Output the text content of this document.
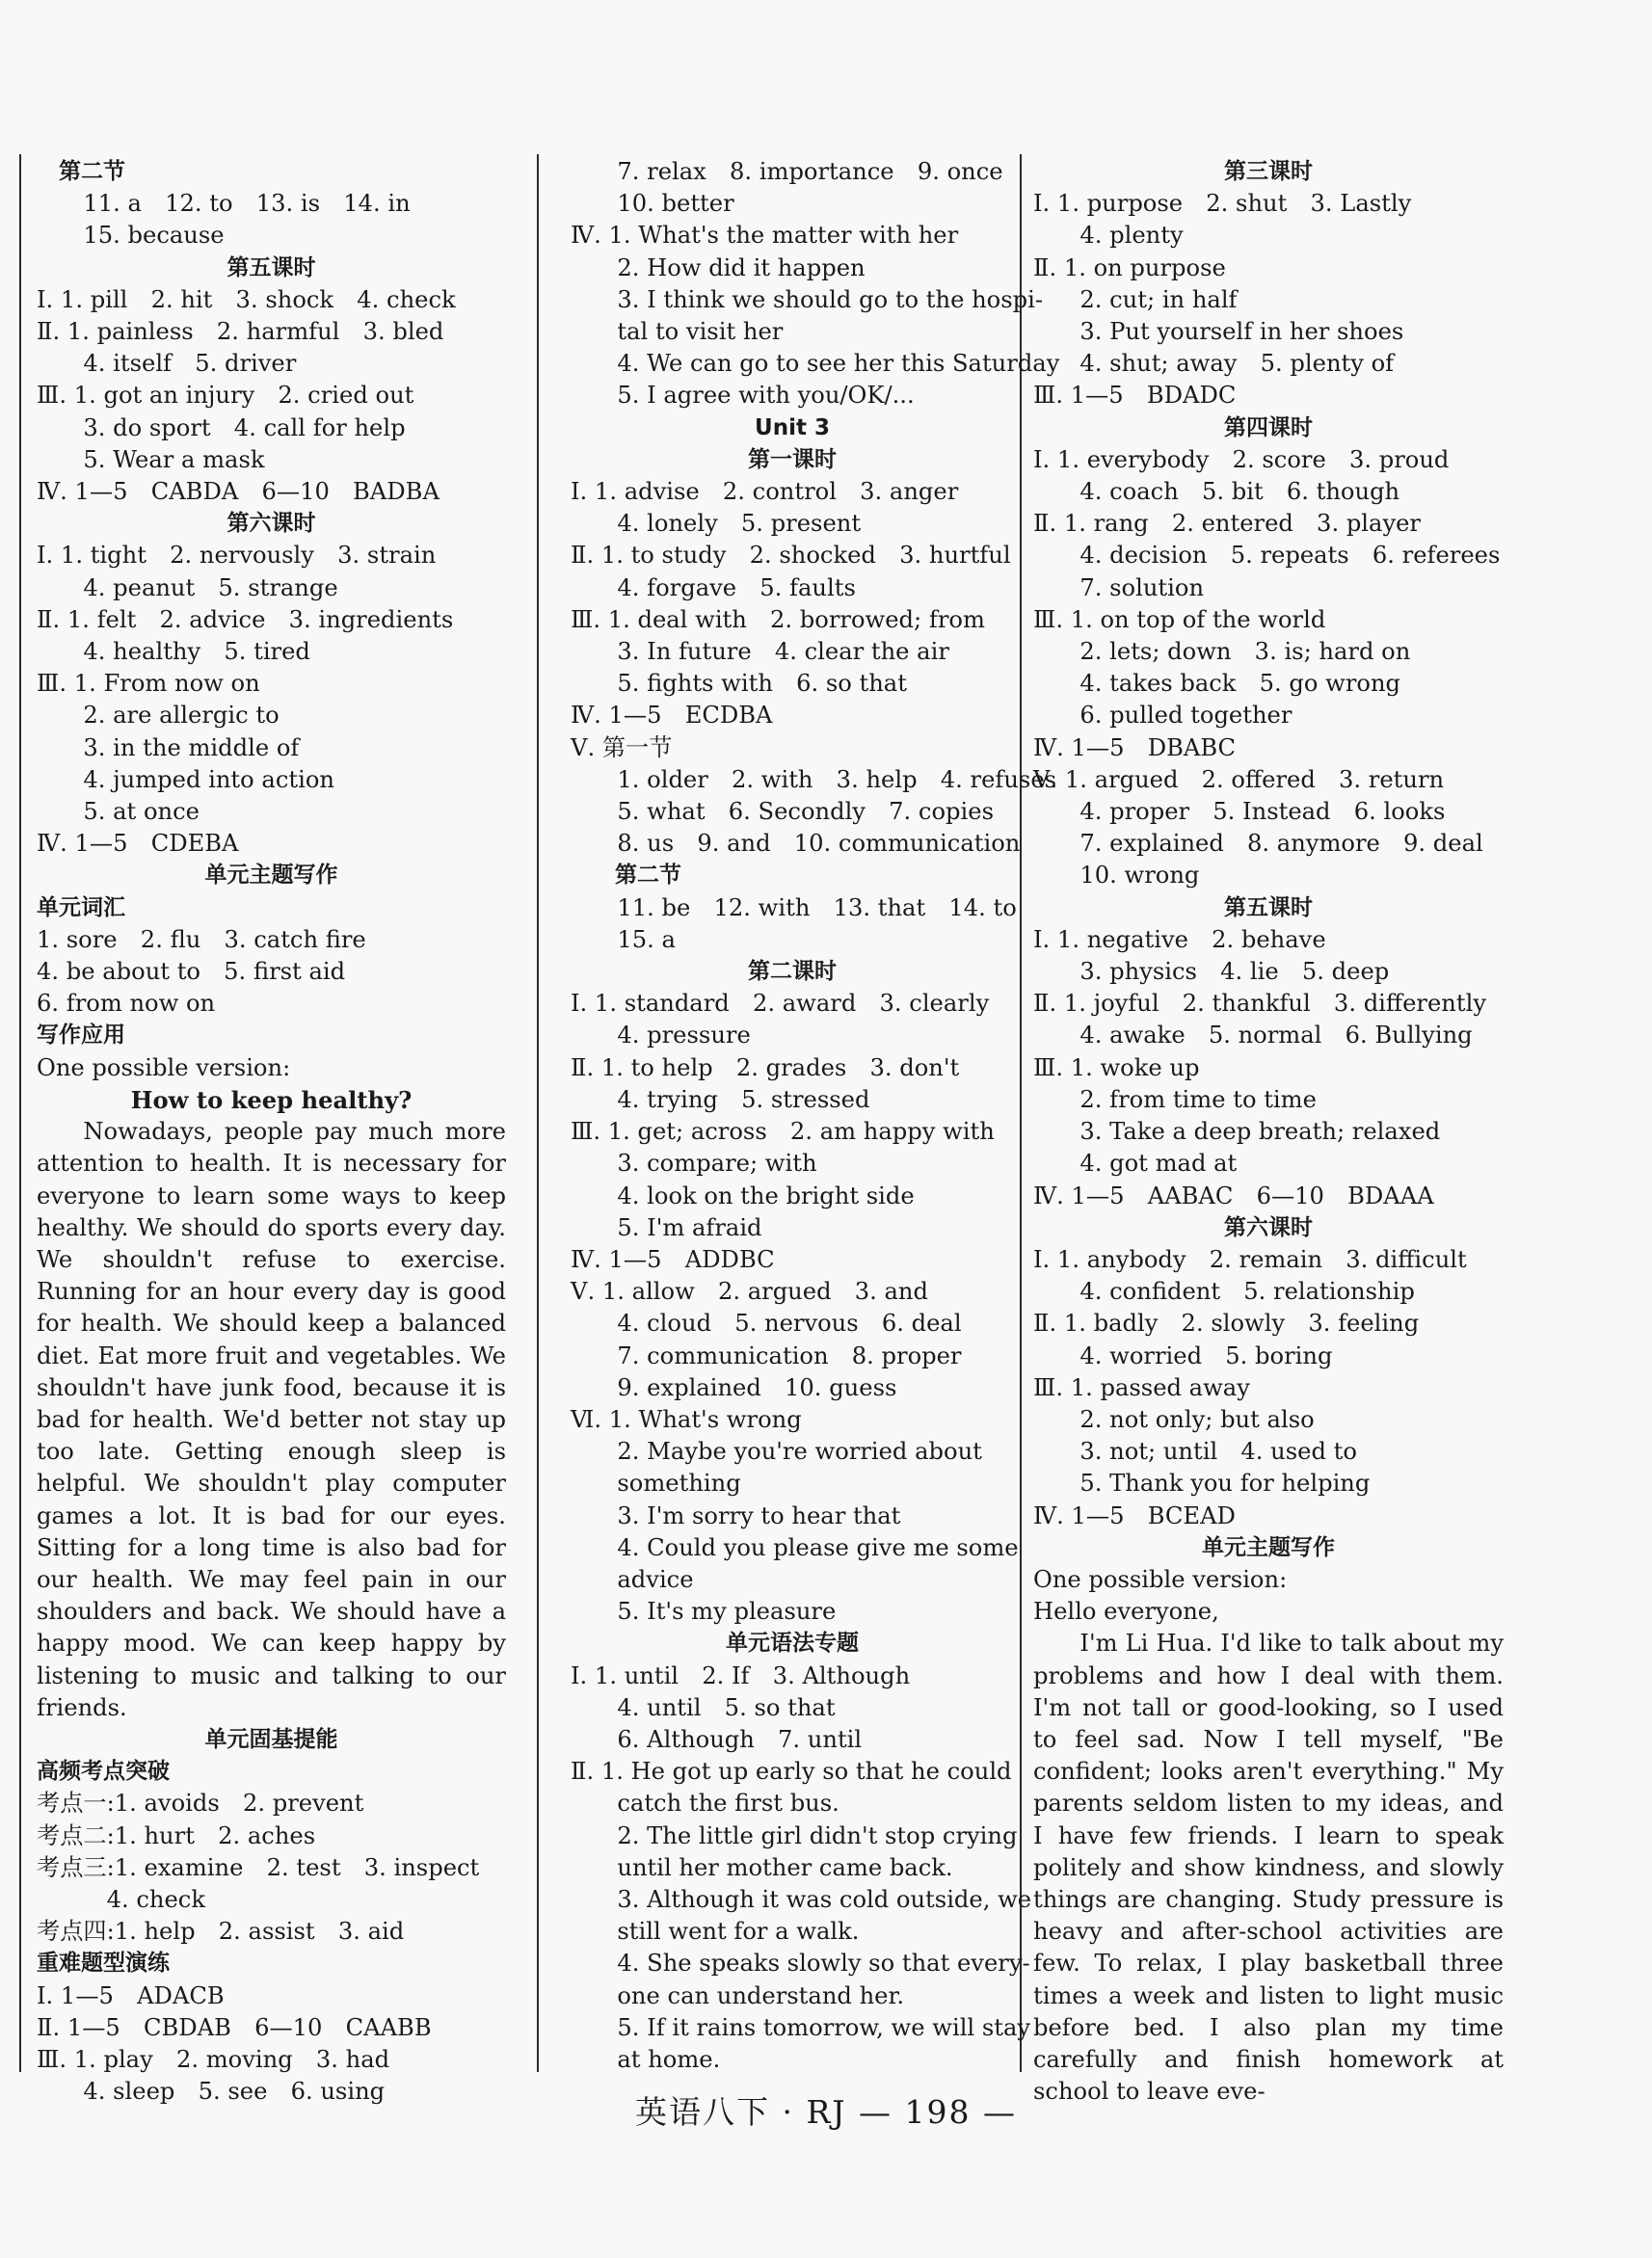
　第二节
　　11. a　12. to　13. is　14. in
　　15. because
第五课时
Ⅰ. 1. pill　2. hit　3. shock　4. check
Ⅱ. 1. painless　2. harmful　3. bled
　　4. itself　5. driver
Ⅲ. 1. got an injury　2. cried out
　　3. do sport　4. call for help
　　5. Wear a mask
Ⅳ. 1—5　CABDA　6—10　BADBA
第六课时
Ⅰ. 1. tight　2. nervously　3. strain
　　4. peanut　5. strange
Ⅱ. 1. felt　2. advice　3. ingredients
　　4. healthy　5. tired
Ⅲ. 1. From now on
　　2. are allergic to
　　3. in the middle of
　　4. jumped into action
　　5. at once
Ⅳ. 1—5　CDEBA
单元主题写作
单元词汇
1. sore　2. flu　3. catch fire
4. be about to　5. first aid
6. from now on
写作应用
One possible version:
How to keep healthy?
Nowadays, people pay much more attention to health. It is necessary for everyone to learn some ways to keep healthy. We should do sports every day. We shouldn't refuse to exercise. Running for an hour every day is good for health. We should keep a balanced diet. Eat more fruit and vegetables. We shouldn't have junk food, because it is bad for health. We'd better not stay up too late. Getting enough sleep is helpful. We shouldn't play computer games a lot. It is bad for our eyes. Sitting for a long time is also bad for our health. We may feel pain in our shoulders and back. We should have a happy mood. We can keep happy by listening to music and talking to our friends.
单元固基提能
高频考点突破
考点一:1. avoids　2. prevent
考点二:1. hurt　2. aches
考点三:1. examine　2. test　3. inspect
　　　4. check
考点四:1. help　2. assist　3. aid
重难题型演练
Ⅰ. 1—5　ADACB
Ⅱ. 1—5　CBDAB　6—10　CAABB
Ⅲ. 1. play　2. moving　3. had
　　4. sleep　5. see　6. using
　　7. relax　8. importance　9. once
　　10. better
Ⅳ. 1. What's the matter with her
　　2. How did it happen
　　3. I think we should go to the hospi-
　　tal to visit her
　　4. We can go to see her this Saturday
　　5. I agree with you/OK/...
Unit 3
第一课时
Ⅰ. 1. advise　2. control　3. anger
　　4. lonely　5. present
Ⅱ. 1. to study　2. shocked　3. hurtful
　　4. forgave　5. faults
Ⅲ. 1. deal with　2. borrowed; from
　　3. In future　4. clear the air
　　5. fights with　6. so that
Ⅳ. 1—5　ECDBA
Ⅴ. 第一节
　　1. older　2. with　3. help　4. refuses
　　5. what　6. Secondly　7. copies
　　8. us　9. and　10. communication
　　第二节
　　11. be　12. with　13. that　14. to
　　15. a
第二课时
Ⅰ. 1. standard　2. award　3. clearly
　　4. pressure
Ⅱ. 1. to help　2. grades　3. don't
　　4. trying　5. stressed
Ⅲ. 1. get; across　2. am happy with
　　3. compare; with
　　4. look on the bright side
　　5. I'm afraid
Ⅳ. 1—5　ADDBC
Ⅴ. 1. allow　2. argued　3. and
　　4. cloud　5. nervous　6. deal
　　7. communication　8. proper
　　9. explained　10. guess
Ⅵ. 1. What's wrong
　　2. Maybe you're worried about
　　something
　　3. I'm sorry to hear that
　　4. Could you please give me some
　　advice
　　5. It's my pleasure
单元语法专题
Ⅰ. 1. until　2. If　3. Although
　　4. until　5. so that
　　6. Although　7. until
Ⅱ. 1. He got up early so that he could
　　catch the first bus.
　　2. The little girl didn't stop crying
　　until her mother came back.
　　3. Although it was cold outside, we
　　still went for a walk.
　　4. She speaks slowly so that every-
　　one can understand her.
　　5. If it rains tomorrow, we will stay
　　at home.
第三课时
Ⅰ. 1. purpose　2. shut　3. Lastly
　　4. plenty
Ⅱ. 1. on purpose
　　2. cut; in half
　　3. Put yourself in her shoes
　　4. shut; away　5. plenty of
Ⅲ. 1—5　BDADC
第四课时
Ⅰ. 1. everybody　2. score　3. proud
　　4. coach　5. bit　6. though
Ⅱ. 1. rang　2. entered　3. player
　　4. decision　5. repeats　6. referees
　　7. solution
Ⅲ. 1. on top of the world
　　2. lets; down　3. is; hard on
　　4. takes back　5. go wrong
　　6. pulled together
Ⅳ. 1—5　DBABC
Ⅴ. 1. argued　2. offered　3. return
　　4. proper　5. Instead　6. looks
　　7. explained　8. anymore　9. deal
　　10. wrong
第五课时
Ⅰ. 1. negative　2. behave
　　3. physics　4. lie　5. deep
Ⅱ. 1. joyful　2. thankful　3. differently
　　4. awake　5. normal　6. Bullying
Ⅲ. 1. woke up
　　2. from time to time
　　3. Take a deep breath; relaxed
　　4. got mad at
Ⅳ. 1—5　AABAC　6—10　BDAAA
第六课时
Ⅰ. 1. anybody　2. remain　3. difficult
　　4. confident　5. relationship
Ⅱ. 1. badly　2. slowly　3. feeling
　　4. worried　5. boring
Ⅲ. 1. passed away
　　2. not only; but also
　　3. not; until　4. used to
　　5. Thank you for helping
Ⅳ. 1—5　BCEAD
单元主题写作
One possible version:
Hello everyone,
I'm Li Hua. I'd like to talk about my problems and how I deal with them. I'm not tall or good-looking, so I used to feel sad. Now I tell myself, "Be confident; looks aren't everything." My parents seldom listen to my ideas, and I have few friends. I learn to speak politely and show kindness, and slowly things are changing. Study pressure is heavy and after-school activities are few. To relax, I play basketball three times a week and listen to light music before bed. I also plan my time carefully and finish homework at school to leave eve-
英语八下 · RJ — 198 —
